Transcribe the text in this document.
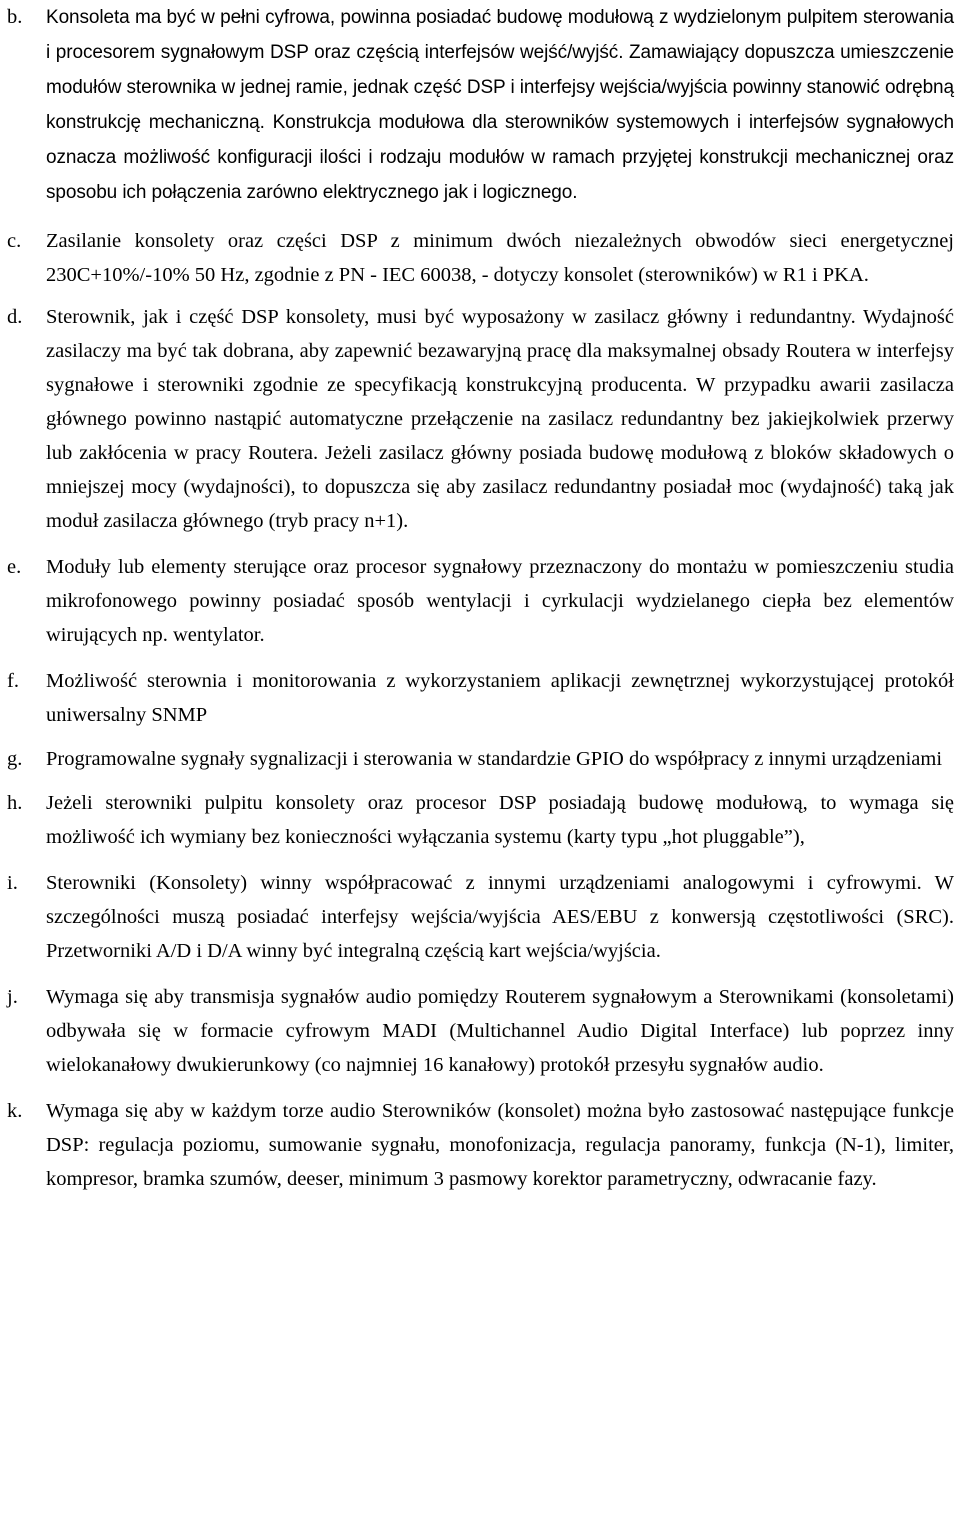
b.	Konsoleta ma być w pełni cyfrowa, powinna posiadać budowę modułową z wydzielonym pulpitem sterowania i procesorem sygnałowym DSP oraz częścią interfejsów wejść/wyjść. Zamawiający dopuszcza umieszczenie modułów sterownika w jednej ramie, jednak część DSP i interfejsy wejścia/wyjścia powinny stanowić odrębną konstrukcję mechaniczną. Konstrukcja modułowa dla sterowników systemowych i interfejsów sygnałowych oznacza możliwość konfiguracji ilości i rodzaju modułów w ramach przyjętej konstrukcji mechanicznej oraz sposobu ich połączenia zarówno elektrycznego jak i logicznego.
c.	Zasilanie konsolety oraz części DSP z minimum dwóch niezależnych obwodów sieci energetycznej 230C+10%/-10% 50 Hz, zgodnie z PN - IEC 60038, - dotyczy konsolet (sterowników) w R1 i PKA.
d.	Sterownik, jak i część DSP konsolety, musi być wyposażony w zasilacz główny i redundantny. Wydajność zasilaczy ma być tak dobrana, aby zapewnić bezawaryjną pracę dla maksymalnej obsady Routera w interfejsy sygnałowe i sterowniki zgodnie ze specyfikacją konstrukcyjną producenta. W przypadku awarii zasilacza głównego powinno nastąpić automatyczne przełączenie na zasilacz redundantny bez jakiejkolwiek przerwy lub zakłócenia w pracy Routera. Jeżeli zasilacz główny posiada budowę modułową z bloków składowych o mniejszej mocy (wydajności), to dopuszcza się aby zasilacz redundantny posiadał moc (wydajność) taką jak moduł zasilacza głównego (tryb pracy n+1).
e.	Moduły lub elementy sterujące oraz procesor sygnałowy przeznaczony do montażu w pomieszczeniu studia mikrofonowego powinny posiadać sposób wentylacji i cyrkulacji wydzielanego ciepła bez elementów wirujących np. wentylator.
f.	Możliwość sterownia i monitorowania z wykorzystaniem aplikacji zewnętrznej wykorzystującej protokół uniwersalny SNMP
g.	Programowalne sygnały sygnalizacji i sterowania w standardzie GPIO do współpracy z innymi urządzeniami
h.	Jeżeli sterowniki pulpitu konsolety oraz procesor DSP posiadają budowę modułową, to wymaga się możliwość ich wymiany bez konieczności wyłączania systemu (karty typu „hot pluggable”),
i.	Sterowniki (Konsolety) winny współpracować z innymi urządzeniami analogowymi i cyfrowymi. W szczególności muszą posiadać interfejsy wejścia/wyjścia AES/EBU z konwersją częstotliwości (SRC). Przetworniki A/D i D/A winny być integralną częścią kart wejścia/wyjścia.
j.	Wymaga się aby transmisja sygnałów audio pomiędzy Routerem sygnałowym a Sterownikami (konsoletami) odbywała się w formacie cyfrowym MADI (Multichannel Audio Digital Interface) lub poprzez inny wielokanałowy dwukierunkowy (co najmniej 16 kanałowy) protokół przesyłu sygnałów audio.
k.	Wymaga się aby w każdym torze audio Sterowników (konsolet) można było zastosować następujące funkcje DSP: regulacja poziomu, sumowanie sygnału, monofonizacja, regulacja panoramy, funkcja (N-1), limiter, kompresor, bramka szumów, deeser, minimum 3 pasmowy korektor parametryczny, odwracanie fazy.
